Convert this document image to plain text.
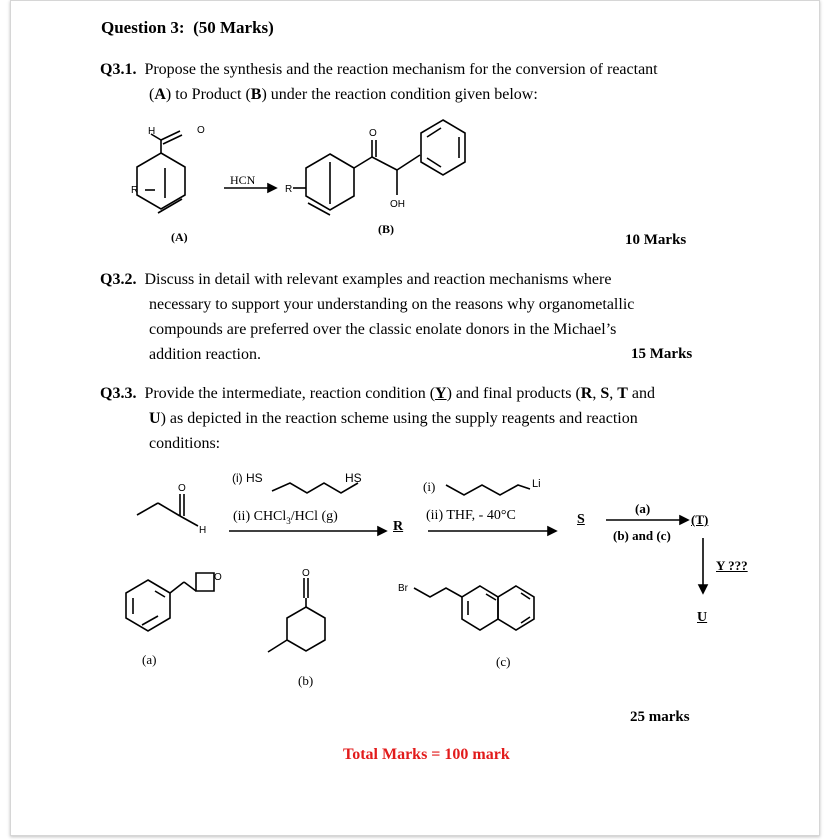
Question 3: (50 Marks)
Q3.1. Propose the synthesis and the reaction mechanism for the conversion of reactant
(A) to Product (B) under the reaction condition given below:
H	O
R	R
O
OH
HCN
(A)
(B)
10 Marks
Q3.2. Discuss in detail with relevant examples and reaction mechanisms where
necessary to support your understanding on the reasons why organometallic
compounds are preferred over the classic enolate donors in the Michael’s
addition reaction.	15 Marks
Q3.3. Provide the intermediate, reaction condition (Y) and final products (R, S, T and
U) as depicted in the reaction scheme using the supply reagents and reaction
conditions:
O
H
O	O
Br
(i) HS	HS
(ii) CHCl$_3$/HCl (g)
R
(i)	Li
(ii) THF, - 40°C	S
(a)
(b) and (c)
(T)
Y ???
U
(a)
(b)
(c)
25 marks
Total Marks = 100 mark
